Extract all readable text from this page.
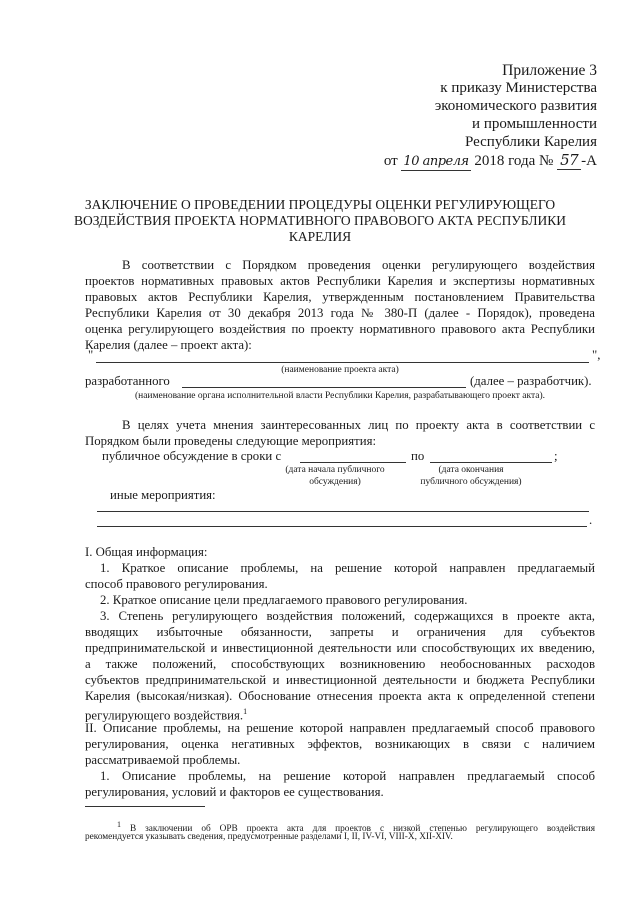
Приложение 3
к приказу Министерства
экономического развития
и промышленности
Республики Карелия
от 10 апреля 2018 года № 57 -А
ЗАКЛЮЧЕНИЕ О ПРОВЕДЕНИИ ПРОЦЕДУРЫ ОЦЕНКИ РЕГУЛИРУЮЩЕГО
ВОЗДЕЙСТВИЯ ПРОЕКТА НОРМАТИВНОГО ПРАВОВОГО АКТА РЕСПУБЛИКИ
КАРЕЛИЯ
В соответствии с Порядком проведения оценки регулирующего воздействия
проектов нормативных правовых актов Республики Карелия и экспертизы нормативных
правовых актов Республики Карелия, утвержденным постановлением Правительства
Республики Карелия от 30 декабря 2013 года № 380-П (далее - Порядок), проведена
оценка регулирующего воздействия по проекту нормативного правового акта Республики
Карелия (далее – проект акта):
"	",
(наименование проекта акта)
разработанного	(далее – разработчик).
(наименование органа исполнительной власти Республики Карелия, разрабатывающего проект акта).
В целях учета мнения заинтересованных лиц по проекту акта в соответствии с
Порядком были проведены следующие мероприятия:
публичное обсуждение в сроки с	по	;
(дата начала публичного обсуждения)
(дата окончания публичного обсуждения)
иные мероприятия:
.
I. Общая информация:
1. Краткое описание проблемы, на решение которой направлен предлагаемый
способ правового регулирования.
2. Краткое описание цели предлагаемого правового регулирования.
3. Степень регулирующего воздействия положений, содержащихся в проекте акта,
вводящих избыточные обязанности, запреты и ограничения для субъектов
предпринимательской и инвестиционной деятельности или способствующих их введению,
а также положений, способствующих возникновению необоснованных расходов
субъектов предпринимательской и инвестиционной деятельности и бюджета Республики
Карелия (высокая/низкая). Обоснование отнесения проекта акта к определенной степени
регулирующего воздействия.$^1$
II. Описание проблемы, на решение которой направлен предлагаемый способ правового
регулирования, оценка негативных эффектов, возникающих в связи с наличием
рассматриваемой проблемы.
1. Описание проблемы, на решение которой направлен предлагаемый способ
регулирования, условий и факторов ее существования.
$^1$ В заключении об ОРВ проекта акта для проектов с низкой степенью регулирующего воздействия
рекомендуется указывать сведения, предусмотренные разделами I, II, IV-VI, VIII-X, XII-XIV.
